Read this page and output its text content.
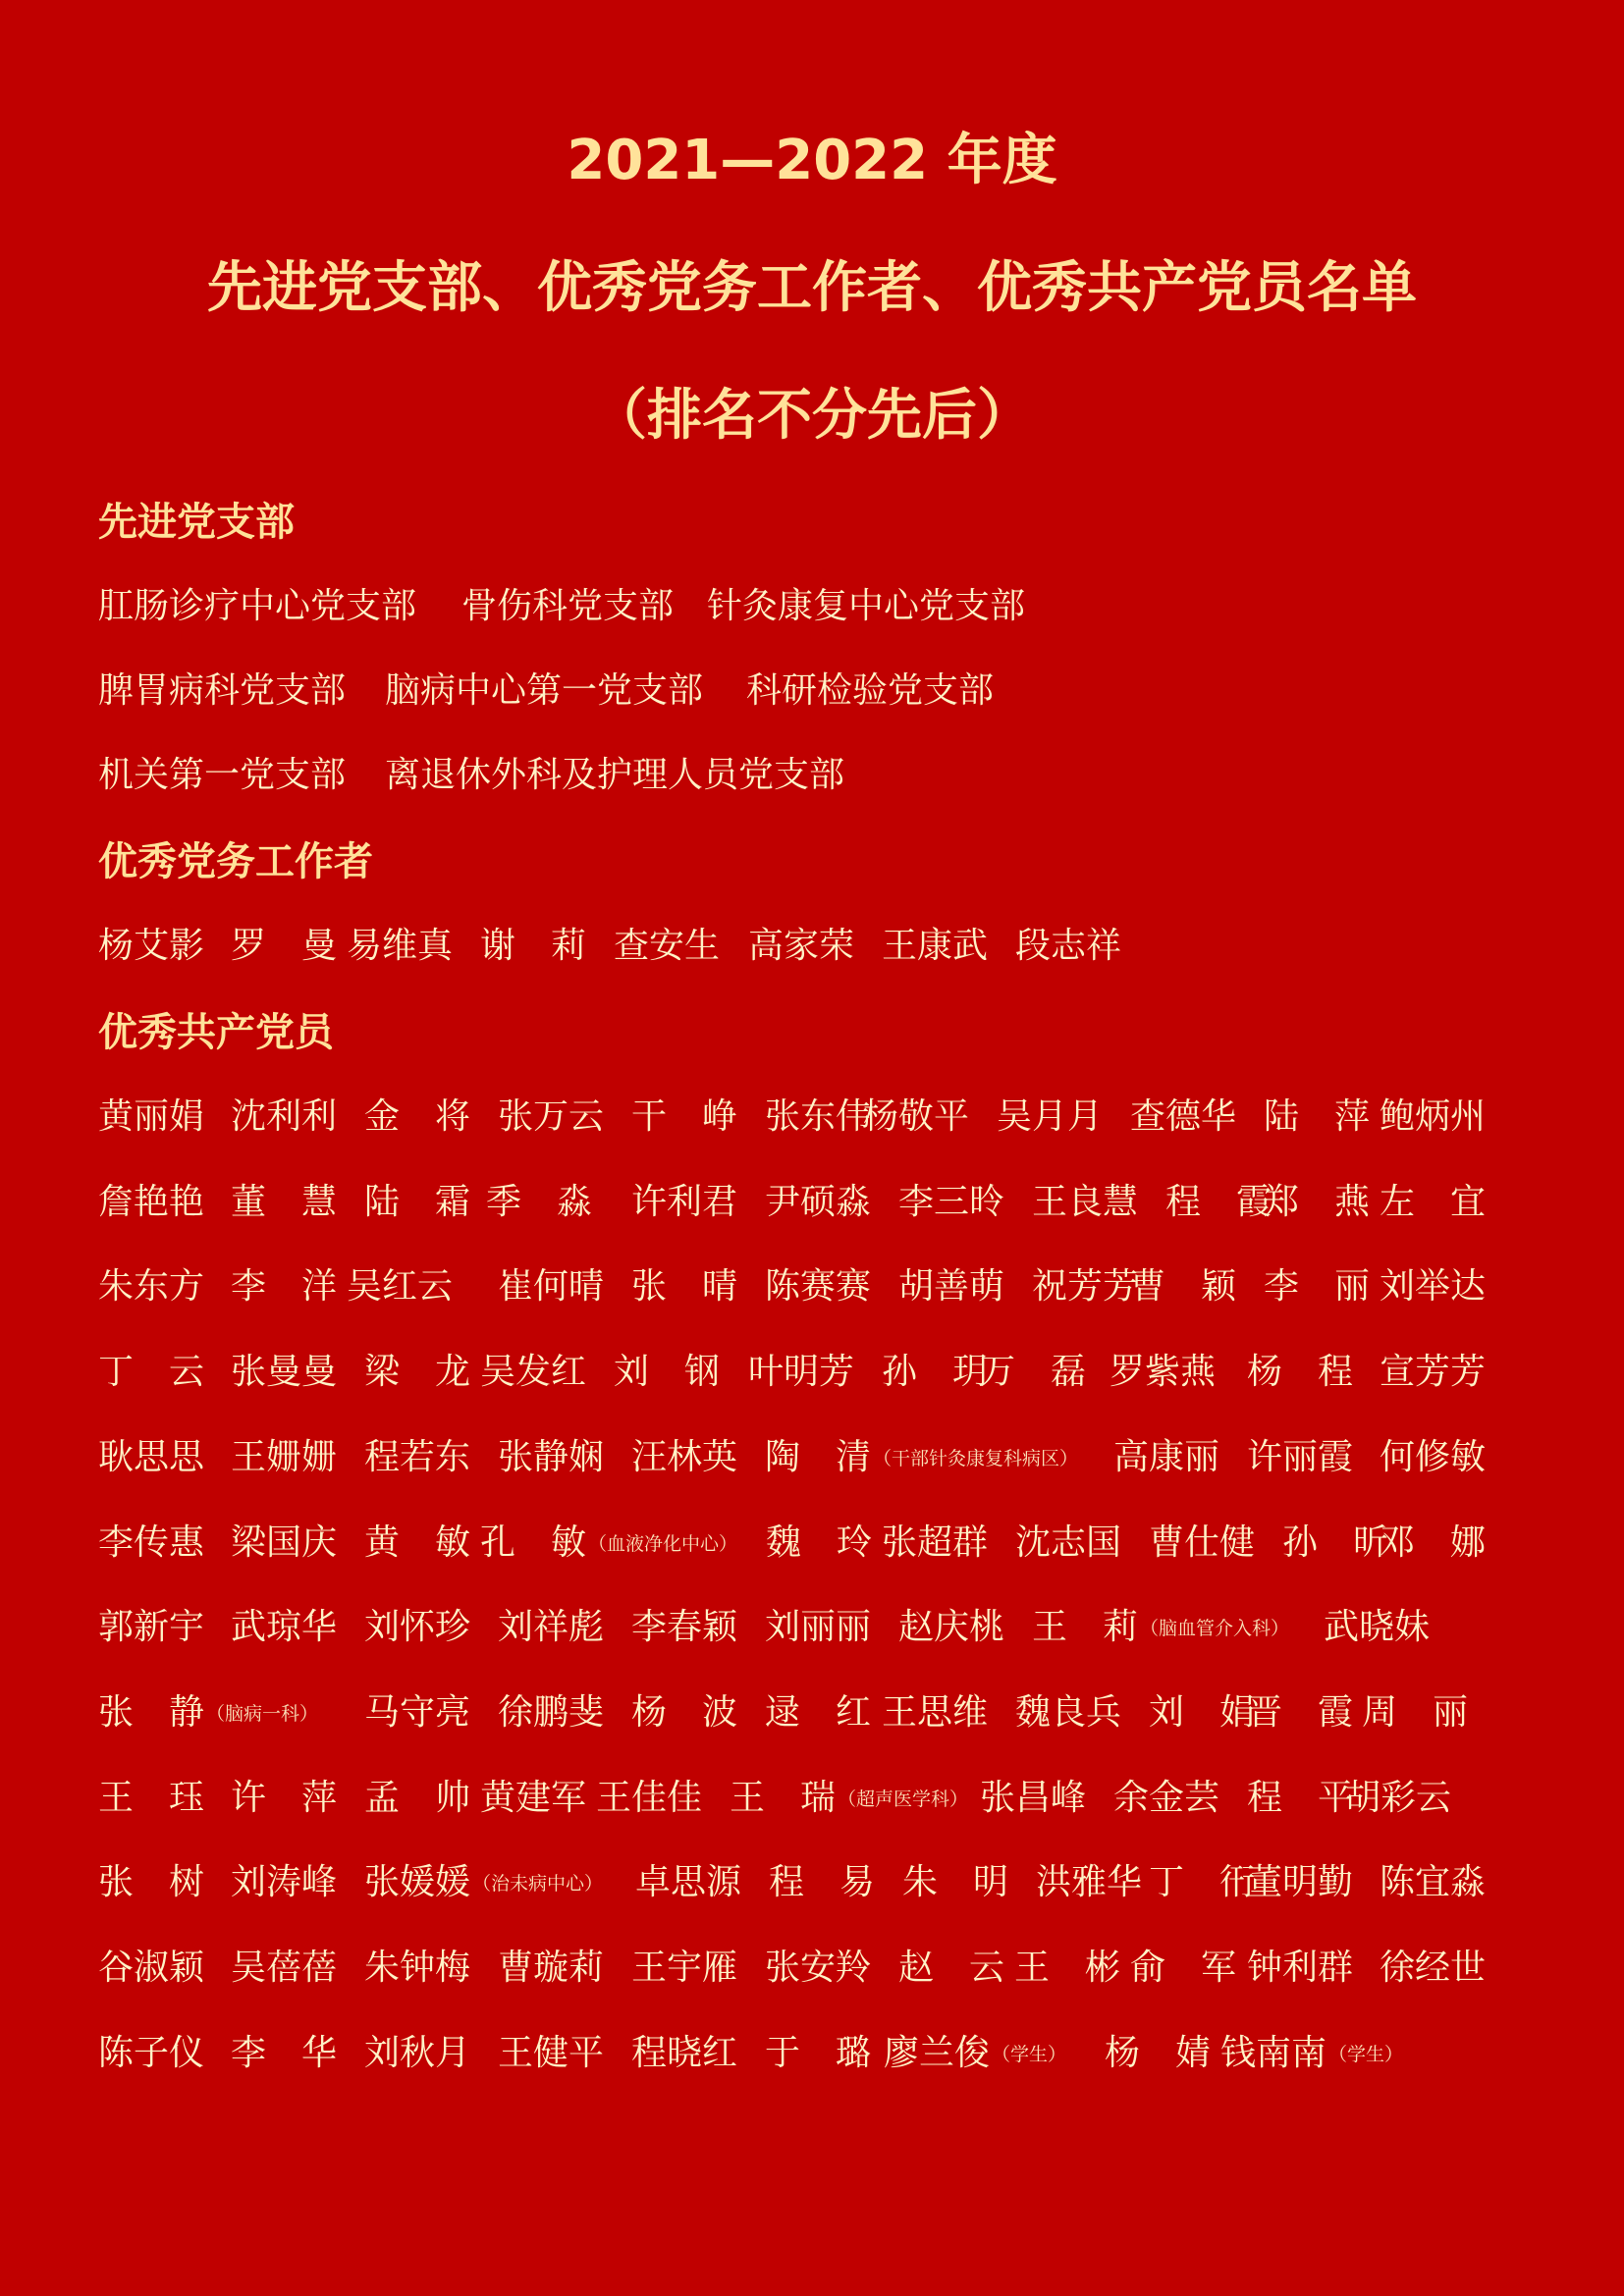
2021—2022 年度
先进党支部、优秀党务工作者、优秀共产党员名单
（排名不分先后）
先进党支部
肛肠诊疗中心党支部 骨伤科党支部 针灸康复中心党支部
脾胃病科党支部 脑病中心第一党支部 科研检验党支部
机关第一党支部 离退休外科及护理人员党支部
优秀党务工作者
杨艾影 罗　曼 易维真 谢　莉 查安生 高家荣 王康武 段志祥
优秀共产党员
黄丽娟 沈利利 金　将 张万云 干　峥 张东伟
杨敬平 吴月月 查德华 陆　萍 鲍炳州
詹艳艳 董　慧 陆　霜 季　淼 许利君 尹硕淼 李三昤 王良慧 程　霞
郑　燕 左　宜
朱东方 李　洋 吴红云 崔何晴 张　晴 陈赛赛 胡善萌 祝芳芳
曹　颖 李　丽 刘举达
丁　云 张曼曼 梁　龙 吴发红 刘　钢 叶明芳 孙　玥
万　磊 罗紫燕 杨　程 宣芳芳
耿思思 王姗姗 程若东 张静娴 汪林英 陶　清 （干部针灸康复科病区） 高康丽 许丽霞 何修敏
李传惠 梁国庆 黄　敏 孔　敏 （血液净化中心） 魏　玲 张超群 沈志国 曹仕健 孙　昕
邓　娜
郭新宇 武琼华 刘怀珍 刘祥彪 李春颖 刘丽丽 赵庆桃 王　莉 （脑血管介入科） 武晓妹
张　静 （脑病一科） 马守亮 徐鹏斐 杨　波 逯　红 王思维 魏良兵 刘　娟
晋　霞 周　丽
王　珏 许　萍 孟　帅 黄建军 王佳佳 王　瑞 （超声医学科） 张昌峰 余金芸 程　平
胡彩云
张　树 刘涛峰 张媛媛 （治未病中心） 卓思源 程　易 朱　明 洪雅华 丁　衎
董明勤 陈宜淼
谷淑颖 吴蓓蓓 朱钟梅 曹璇莉 王宇雁 张安羚 赵　云 王　彬 俞　军 钟利群 徐经世
陈子仪 李　华 刘秋月 王健平 程晓红 于　璐 廖兰俊 （学生） 杨　婧 钱南南 （学生）
